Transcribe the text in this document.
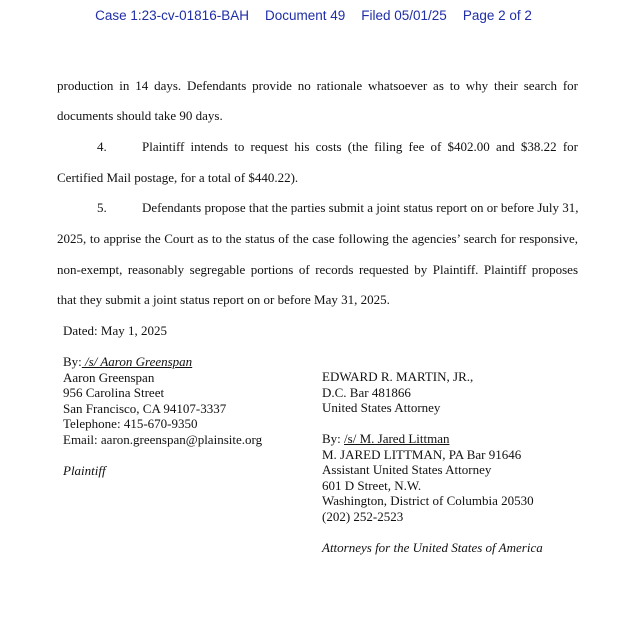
Case 1:23-cv-01816-BAH Document 49 Filed 05/01/25 Page 2 of 2
production in 14 days. Defendants provide no rationale whatsoever as to why their search for
documents should take 90 days.
4.	Plaintiff intends to request his costs (the filing fee of $402.00 and $38.22 for
Certified Mail postage, for a total of $440.22).
5.	Defendants propose that the parties submit a joint status report on or before July 31,
2025, to apprise the Court as to the status of the case following the agencies’ search for responsive,
non-exempt, reasonably segregable portions of records requested by Plaintiff. Plaintiff proposes
that they submit a joint status report on or before May 31, 2025.
Dated: May 1, 2025
By: /s/ Aaron Greenspan
Aaron Greenspan
956 Carolina Street
San Francisco, CA 94107-3337
Telephone: 415-670-9350
Email: aaron.greenspan@plainsite.org
Plaintiff
EDWARD R. MARTIN, JR.,
D.C. Bar 481866
United States Attorney
By: /s/ M. Jared Littman
M. JARED LITTMAN, PA Bar 91646
Assistant United States Attorney
601 D Street, N.W.
Washington, District of Columbia 20530
(202) 252-2523
Attorneys for the United States of America
